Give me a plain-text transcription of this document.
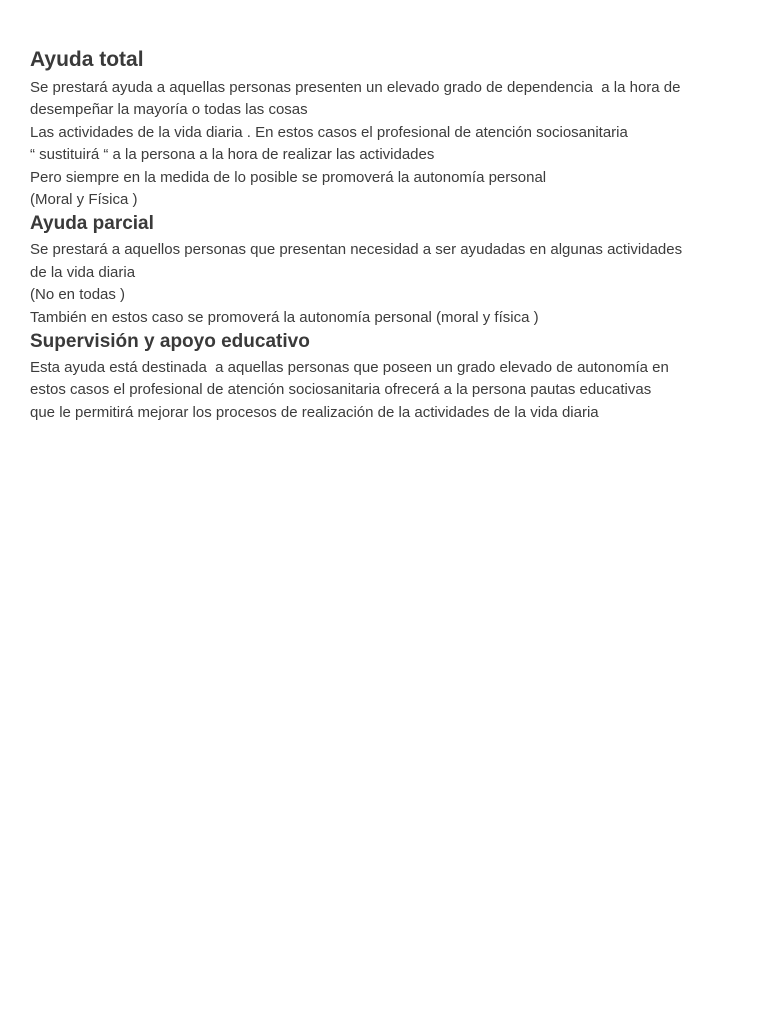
Ayuda total

Se prestará ayuda a aquellas personas presenten un elevado grado de dependencia  a la hora de

desempeñar la mayoría o todas las cosas

Las actividades de la vida diaria . En estos casos el profesional de atención sociosanitaria

“ sustituirá “ a la persona a la hora de realizar las actividades

Pero siempre en la medida de lo posible se promoverá la autonomía personal

(Moral y Física )

Ayuda parcial

Se prestará a aquellos personas que presentan necesidad a ser ayudadas en algunas actividades

de la vida diaria

(No en todas )

También en estos caso se promoverá la autonomía personal (moral y física )

Supervisión y apoyo educativo

Esta ayuda está destinada  a aquellas personas que poseen un grado elevado de autonomía en

estos casos el profesional de atención sociosanitaria ofrecerá a la persona pautas educativas

que le permitirá mejorar los procesos de realización de la actividades de la vida diaria
